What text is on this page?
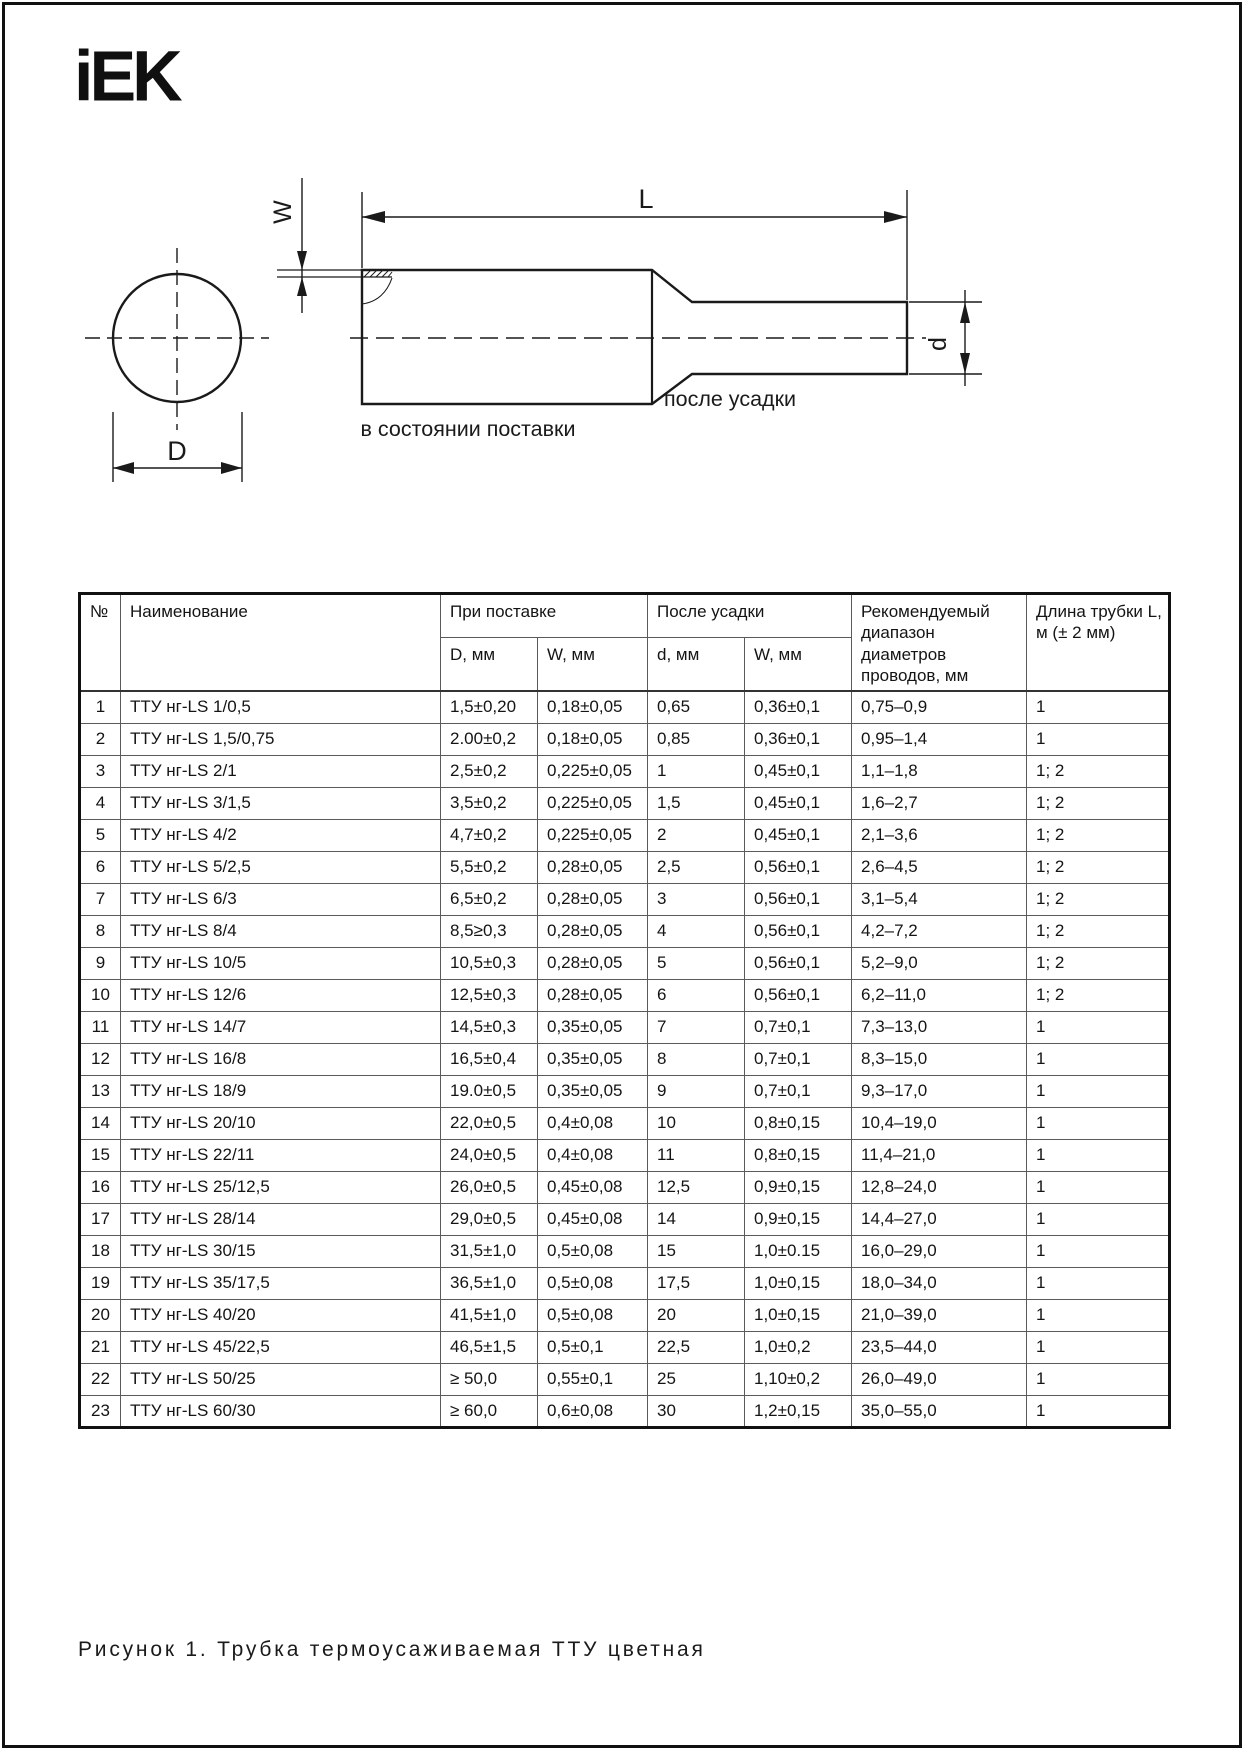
iEK
D
W	L
d
в состоянии поставки
после усадки
№	Наименование	При поставке		После усадки		Рекомендуемый диапазон диаметров проводов, мм	Длина трубки L, м (± 2 мм)
		D, мм	W, мм	d, мм	W, мм		
1	ТТУ нг-LS 1/0,5	1,5±0,20	0,18±0,05	0,65	0,36±0,1	0,75–0,9	1
2	ТТУ нг-LS 1,5/0,75	2.00±0,2	0,18±0,05	0,85	0,36±0,1	0,95–1,4	1
3	ТТУ нг-LS 2/1	2,5±0,2	0,225±0,05	1	0,45±0,1	1,1–1,8	1; 2
4	ТТУ нг-LS 3/1,5	3,5±0,2	0,225±0,05	1,5	0,45±0,1	1,6–2,7	1; 2
5	ТТУ нг-LS 4/2	4,7±0,2	0,225±0,05	2	0,45±0,1	2,1–3,6	1; 2
6	ТТУ нг-LS 5/2,5	5,5±0,2	0,28±0,05	2,5	0,56±0,1	2,6–4,5	1; 2
7	ТТУ нг-LS 6/3	6,5±0,2	0,28±0,05	3	0,56±0,1	3,1–5,4	1; 2
8	ТТУ нг-LS 8/4	8,5≥0,3	0,28±0,05	4	0,56±0,1	4,2–7,2	1; 2
9	ТТУ нг-LS 10/5	10,5±0,3	0,28±0,05	5	0,56±0,1	5,2–9,0	1; 2
10	ТТУ нг-LS 12/6	12,5±0,3	0,28±0,05	6	0,56±0,1	6,2–11,0	1; 2
11	ТТУ нг-LS 14/7	14,5±0,3	0,35±0,05	7	0,7±0,1	7,3–13,0	1
12	ТТУ нг-LS 16/8	16,5±0,4	0,35±0,05	8	0,7±0,1	8,3–15,0	1
13	ТТУ нг-LS 18/9	19.0±0,5	0,35±0,05	9	0,7±0,1	9,3–17,0	1
14	ТТУ нг-LS 20/10	22,0±0,5	0,4±0,08	10	0,8±0,15	10,4–19,0	1
15	ТТУ нг-LS 22/11	24,0±0,5	0,4±0,08	11	0,8±0,15	11,4–21,0	1
16	ТТУ нг-LS 25/12,5	26,0±0,5	0,45±0,08	12,5	0,9±0,15	12,8–24,0	1
17	ТТУ нг-LS 28/14	29,0±0,5	0,45±0,08	14	0,9±0,15	14,4–27,0	1
18	ТТУ нг-LS 30/15	31,5±1,0	0,5±0,08	15	1,0±0.15	16,0–29,0	1
19	ТТУ нг-LS 35/17,5	36,5±1,0	0,5±0,08	17,5	1,0±0,15	18,0–34,0	1
20	ТТУ нг-LS 40/20	41,5±1,0	0,5±0,08	20	1,0±0,15	21,0–39,0	1
21	ТТУ нг-LS 45/22,5	46,5±1,5	0,5±0,1	22,5	1,0±0,2	23,5–44,0	1
22	ТТУ нг-LS 50/25	≥ 50,0	0,55±0,1	25	1,10±0,2	26,0–49,0	1
23	ТТУ нг-LS 60/30	≥ 60,0	0,6±0,08	30	1,2±0,15	35,0–55,0	1
Рисунок 1. Трубка термоусаживаемая ТТУ цветная
